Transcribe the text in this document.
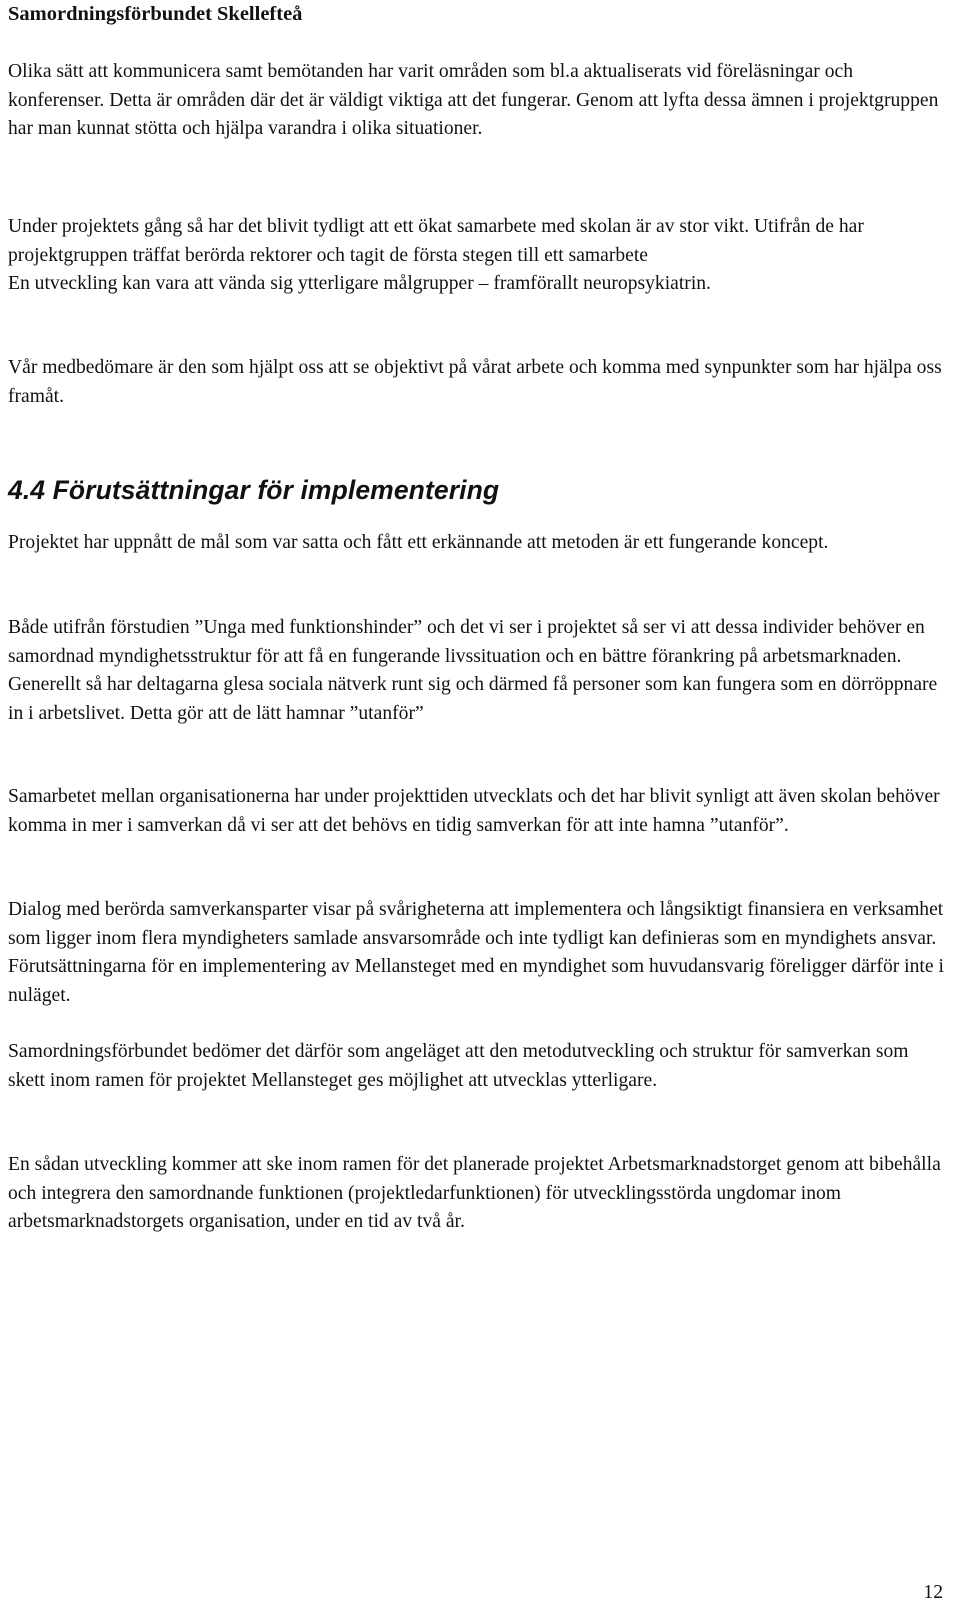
Samordningsförbundet Skellefteå

Olika sätt att kommunicera samt bemötanden har varit områden som bl.a aktualiserats vid föreläsningar och konferenser. Detta är områden där det är väldigt viktiga att det fungerar. Genom att lyfta dessa ämnen i projektgruppen har man kunnat stötta och hjälpa varandra i olika situationer.

Under projektets gång så har det blivit tydligt att ett ökat samarbete med skolan är av stor vikt. Utifrån de har projektgruppen träffat berörda rektorer och tagit de första stegen till ett samarbete

En utveckling kan vara att vända sig ytterligare målgrupper – framförallt neuropsykiatrin.

Vår medbedömare är den som hjälpt oss att se objektivt på vårat arbete och komma med synpunkter som har hjälpa oss framåt.

4.4 Förutsättningar för implementering

Projektet har uppnått de mål som var satta och fått ett erkännande att metoden är ett fungerande koncept.

Både utifrån förstudien ”Unga med funktionshinder” och det vi ser i projektet så ser vi att dessa individer behöver en samordnad myndighetsstruktur för att få en fungerande livssituation och en bättre förankring på arbetsmarknaden.

Generellt så har deltagarna glesa sociala nätverk runt sig och därmed få personer som kan fungera som en dörröppnare in i arbetslivet. Detta gör att de lätt hamnar ”utanför”

Samarbetet mellan organisationerna har under projekttiden utvecklats och det har blivit synligt att även skolan behöver komma in mer i samverkan då vi ser att det behövs en tidig samverkan för att inte hamna ”utanför”.

Dialog med berörda samverkansparter visar på svårigheterna att implementera och långsiktigt finansiera en verksamhet som ligger inom flera myndigheters samlade ansvarsområde och inte tydligt kan definieras som en myndighets ansvar. Förutsättningarna för en implementering av Mellansteget med en myndighet som huvudansvarig föreligger därför inte i nuläget.

Samordningsförbundet bedömer det därför som angeläget att den metodutveckling och struktur för samverkan som skett inom ramen för projektet Mellansteget ges möjlighet att utvecklas ytterligare.

En sådan utveckling kommer att ske inom ramen för det planerade projektet Arbetsmarknadstorget genom att bibehålla och integrera den samordnande funktionen (projektledarfunktionen) för utvecklingsstörda ungdomar inom arbetsmarknadstorgets organisation, under en tid av två år.

12
